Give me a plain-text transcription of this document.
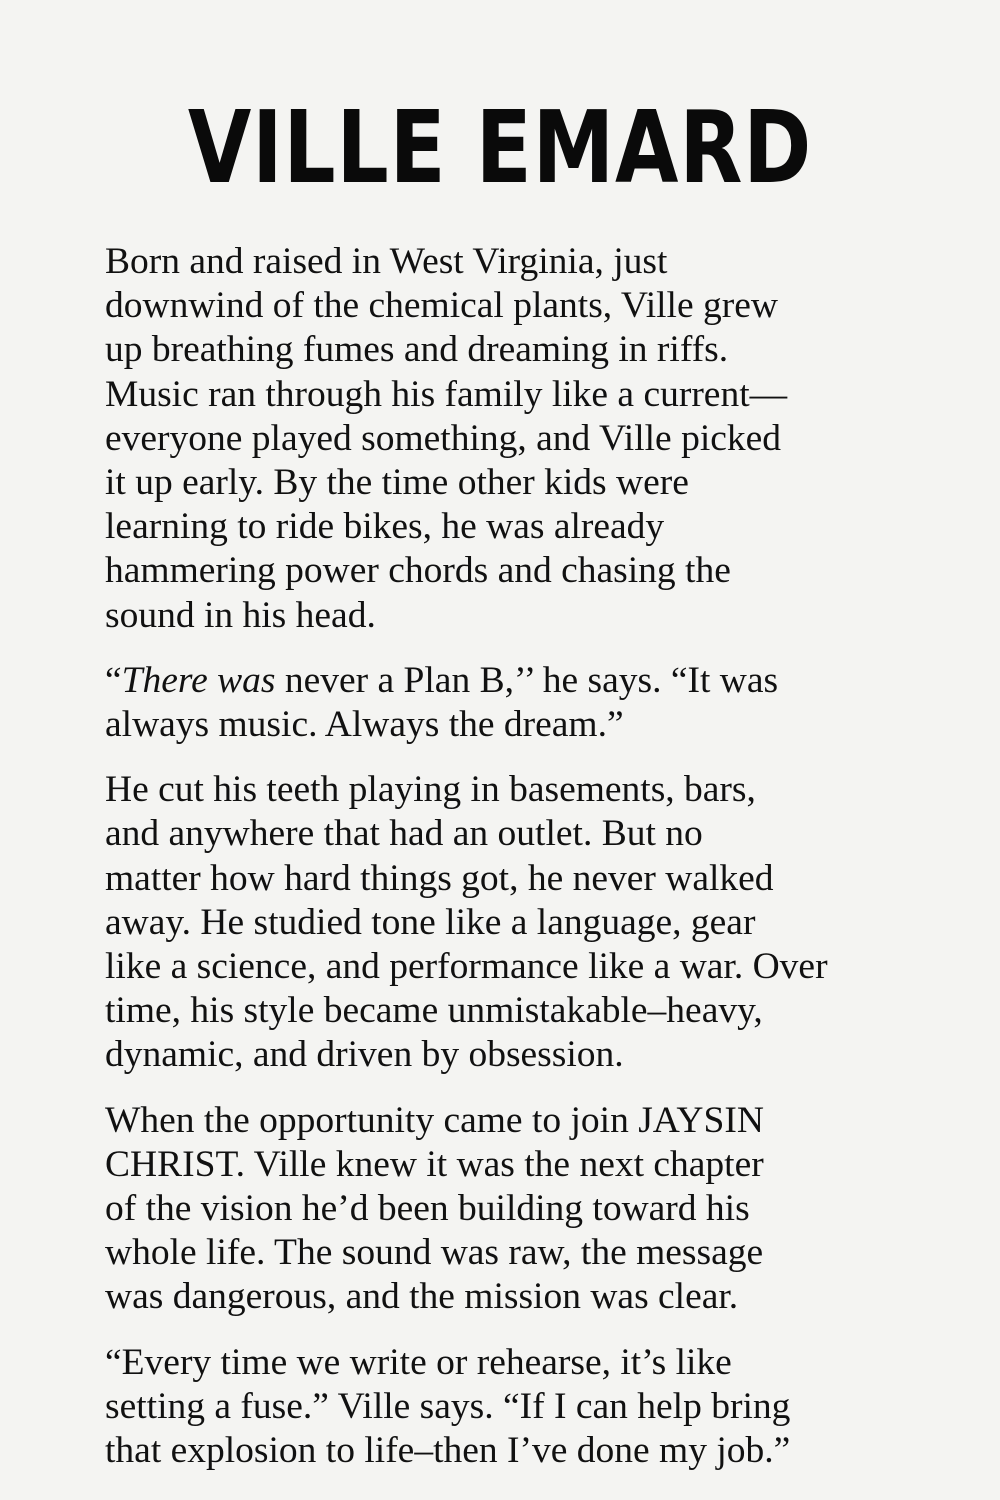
VILLE EMARD

Born and raised in West Virginia, just
downwind of the chemical plants, Ville grew
up breathing fumes and dreaming in riffs.
Music ran through his family like a current—
everyone played something, and Ville picked
it up early. By the time other kids were
learning to ride bikes, he was already
hammering power chords and chasing the
sound in his head.

“There was never a Plan B,’’ he says. “It was
always music. Always the dream.”

He cut his teeth playing in basements, bars,
and anywhere that had an outlet. But no
matter how hard things got, he never walked
away. He studied tone like a language, gear
like a science, and performance like a war. Over
time, his style became unmistakable–heavy,
dynamic, and driven by obsession.

When the opportunity came to join JAYSIN
CHRIST. Ville knew it was the next chapter
of the vision he’d been building toward his
whole life. The sound was raw, the message
was dangerous, and the mission was clear.

“Every time we write or rehearse, it’s like
setting a fuse.” Ville says. “If I can help bring
that explosion to life–then I’ve done my job.”
